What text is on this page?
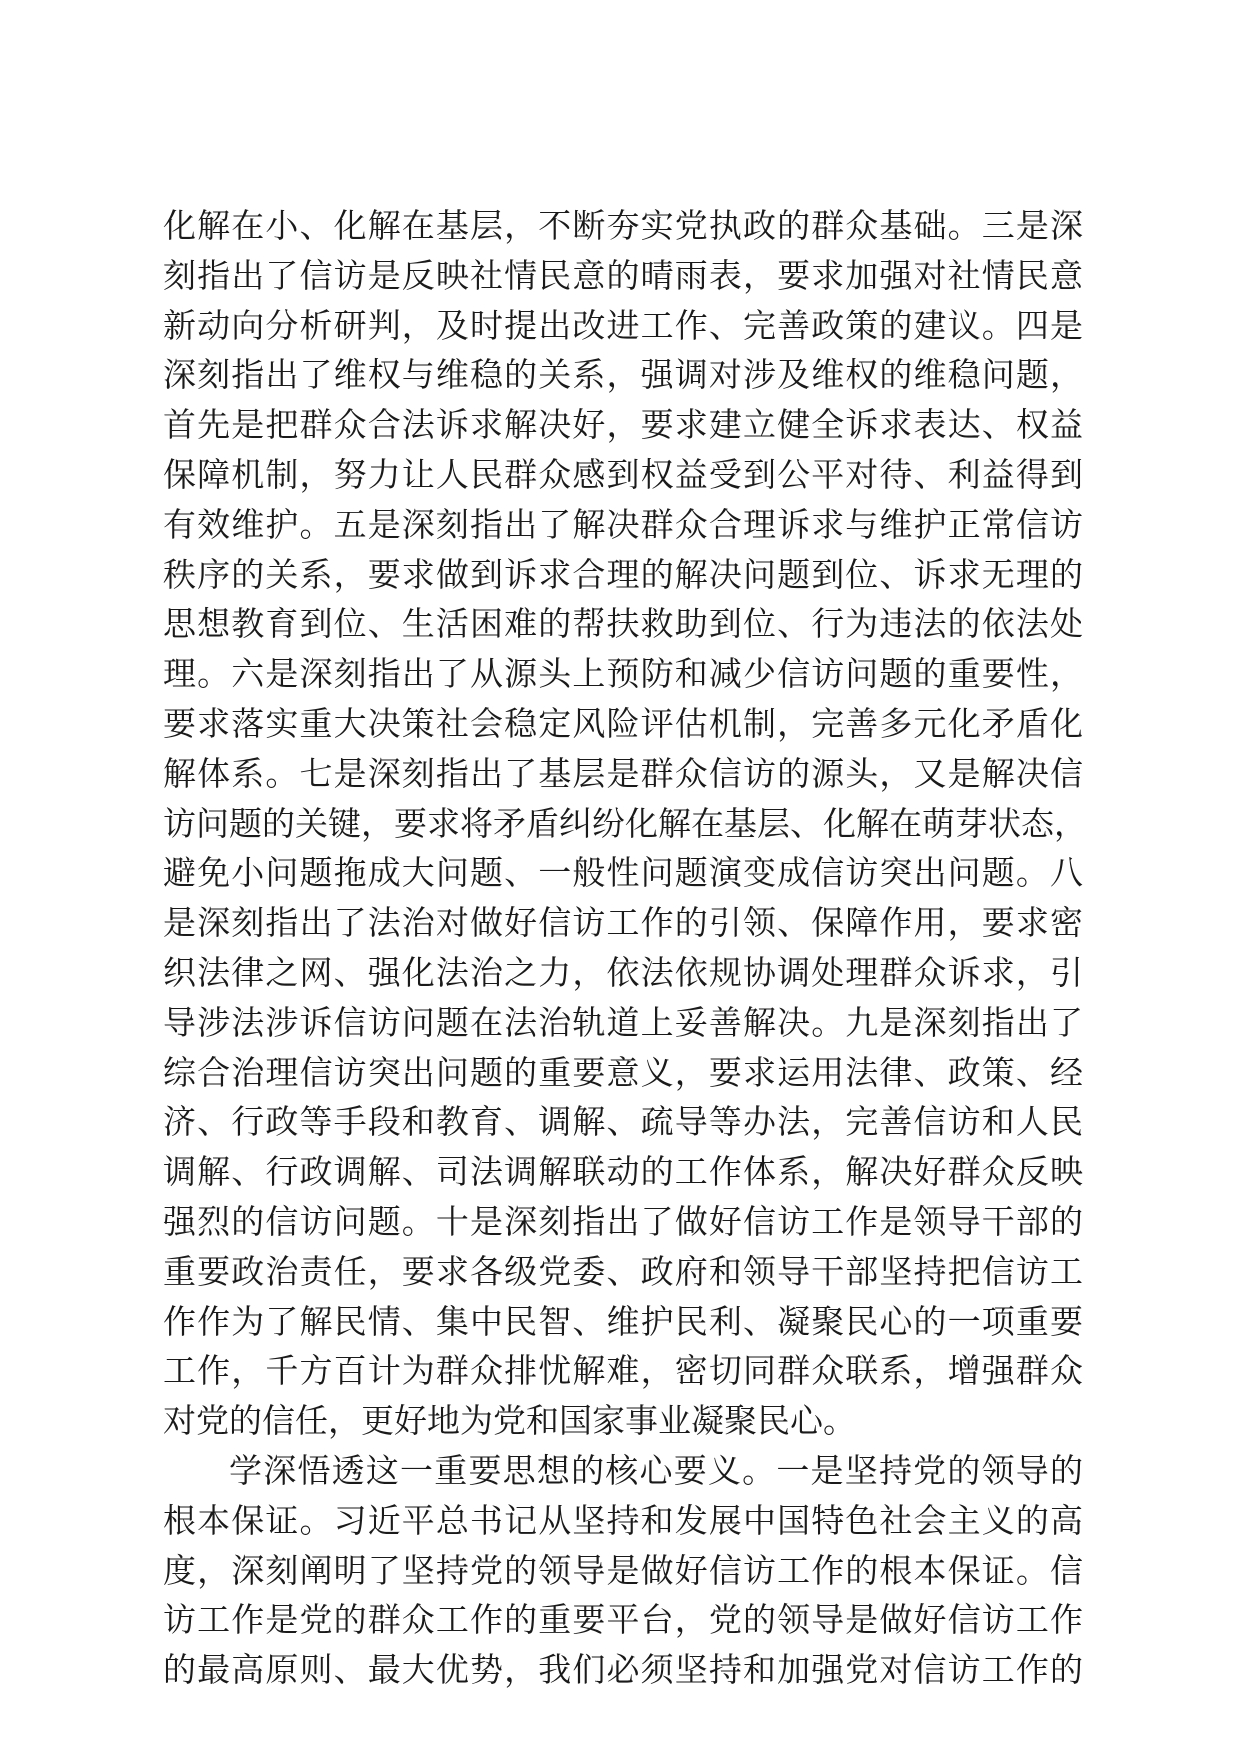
化解在小、化解在基层，不断夯实党执政的群众基础。三是深
刻指出了信访是反映社情民意的晴雨表，要求加强对社情民意
新动向分析研判，及时提出改进工作、完善政策的建议。四是
深刻指出了维权与维稳的关系，强调对涉及维权的维稳问题，
首先是把群众合法诉求解决好，要求建立健全诉求表达、权益
保障机制，努力让人民群众感到权益受到公平对待、利益得到
有效维护。五是深刻指出了解决群众合理诉求与维护正常信访
秩序的关系，要求做到诉求合理的解决问题到位、诉求无理的
思想教育到位、生活困难的帮扶救助到位、行为违法的依法处
理。六是深刻指出了从源头上预防和减少信访问题的重要性，
要求落实重大决策社会稳定风险评估机制，完善多元化矛盾化
解体系。七是深刻指出了基层是群众信访的源头，又是解决信
访问题的关键，要求将矛盾纠纷化解在基层、化解在萌芽状态，
避免小问题拖成大问题、一般性问题演变成信访突出问题。八
是深刻指出了法治对做好信访工作的引领、保障作用，要求密
织法律之网、强化法治之力，依法依规协调处理群众诉求，引
导涉法涉诉信访问题在法治轨道上妥善解决。九是深刻指出了
综合治理信访突出问题的重要意义，要求运用法律、政策、经
济、行政等手段和教育、调解、疏导等办法，完善信访和人民
调解、行政调解、司法调解联动的工作体系，解决好群众反映
强烈的信访问题。十是深刻指出了做好信访工作是领导干部的
重要政治责任，要求各级党委、政府和领导干部坚持把信访工
作作为了解民情、集中民智、维护民利、凝聚民心的一项重要
工作，千方百计为群众排忧解难，密切同群众联系，增强群众
对党的信任，更好地为党和国家事业凝聚民心。
学深悟透这一重要思想的核心要义。一是坚持党的领导的
根本保证。习近平总书记从坚持和发展中国特色社会主义的高
度，深刻阐明了坚持党的领导是做好信访工作的根本保证。信
访工作是党的群众工作的重要平台，党的领导是做好信访工作
的最高原则、最大优势，我们必须坚持和加强党对信访工作的
